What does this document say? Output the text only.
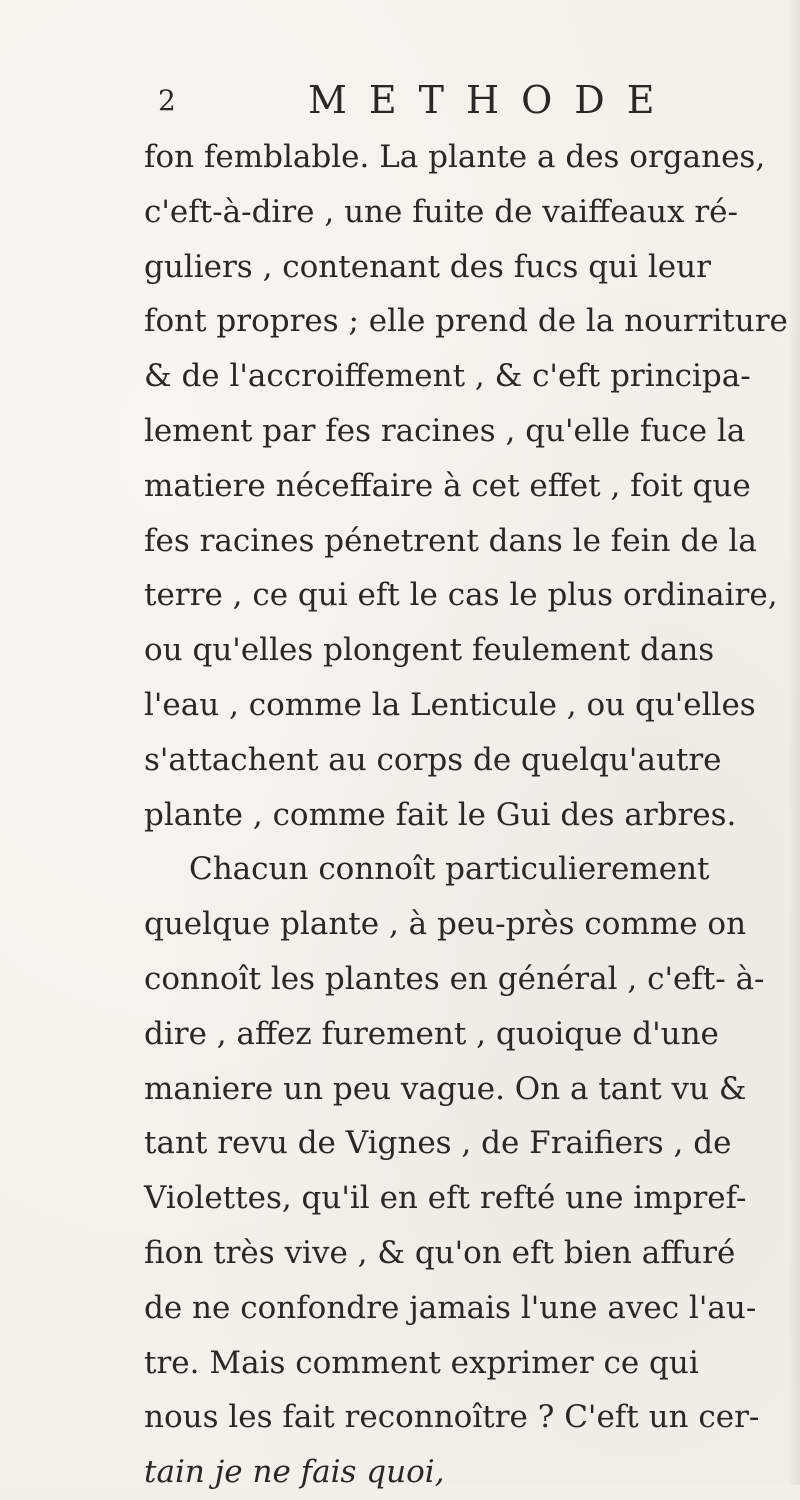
2	METHODE
fon femblable. La plante a des organes,
c'eft-à-dire , une fuite de vaiffeaux ré-
guliers , contenant des fucs qui leur
font propres ; elle prend de la nourriture
& de l'accroiffement , & c'eft principa-
lement par fes racines , qu'elle fuce la
matiere néceffaire à cet effet , foit que
fes racines pénetrent dans le fein de la
terre , ce qui eft le cas le plus ordinaire,
ou qu'elles plongent feulement dans
l'eau , comme la Lenticule , ou qu'elles
s'attachent au corps de quelqu'autre
plante , comme fait le Gui des arbres.
Chacun connoît particulierement
quelque plante , à peu-près comme on
connoît les plantes en général , c'eft- à-
dire , affez furement , quoique d'une
maniere un peu vague. On a tant vu &
tant revu de Vignes , de Fraifiers , de
Violettes, qu'il en eft refté une impref-
fion très vive , & qu'on eft bien affuré
de ne confondre jamais l'une avec l'au-
tre. Mais comment exprimer ce qui
nous les fait reconnoître ? C'eft un cer-
tain je ne fais quoi,
